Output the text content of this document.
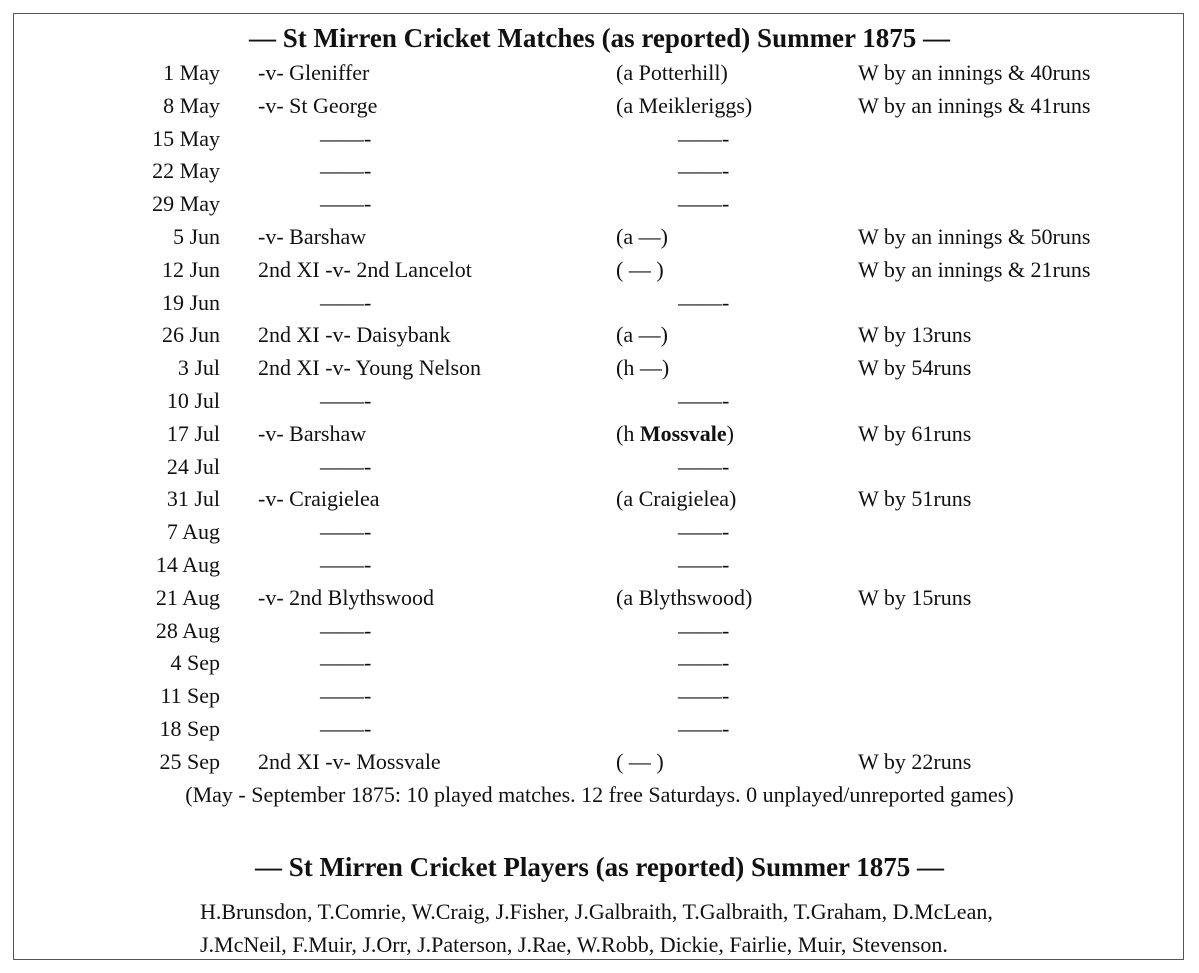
— St Mirren Cricket Matches (as reported) Summer 1875 —
1 May -v- Gleniffer	(a Potterhill)	W by an innings & 40runs
8 May -v- St George	(a Meikleriggs)	W by an innings & 41runs
15 May	——-	——-
22 May	——-	——-
29 May	——-	——-
5 Jun -v- Barshaw	(a —)	W by an innings & 50runs
12 Jun 2nd XI -v- 2nd Lancelot	( — )	W by an innings & 21runs
19 Jun	——-	——-
26 Jun 2nd XI -v- Daisybank	(a —)	W by 13runs
3 Jul 2nd XI -v- Young Nelson	(h —)	W by 54runs
10 Jul	——-	——-
17 Jul -v- Barshaw	(h Mossvale)	W by 61runs
24 Jul	——-	——-
31 Jul -v- Craigielea	(a Craigielea)	W by 51runs
7 Aug	——-	——-
14 Aug	——-	——-
21 Aug -v- 2nd Blythswood	(a Blythswood)	W by 15runs
28 Aug	——-	——-
4 Sep	——-	——-
11 Sep	——-	——-
18 Sep	——-	——-
25 Sep 2nd XI -v- Mossvale	( — )	W by 22runs
(May - September 1875: 10 played matches. 12 free Saturdays. 0 unplayed/unreported games)
— St Mirren Cricket Players (as reported) Summer 1875 —
H.Brunsdon, T.Comrie, W.Craig, J.Fisher, J.Galbraith, T.Galbraith, T.Graham, D.McLean,
J.McNeil, F.Muir, J.Orr, J.Paterson, J.Rae, W.Robb, Dickie, Fairlie, Muir, Stevenson.
